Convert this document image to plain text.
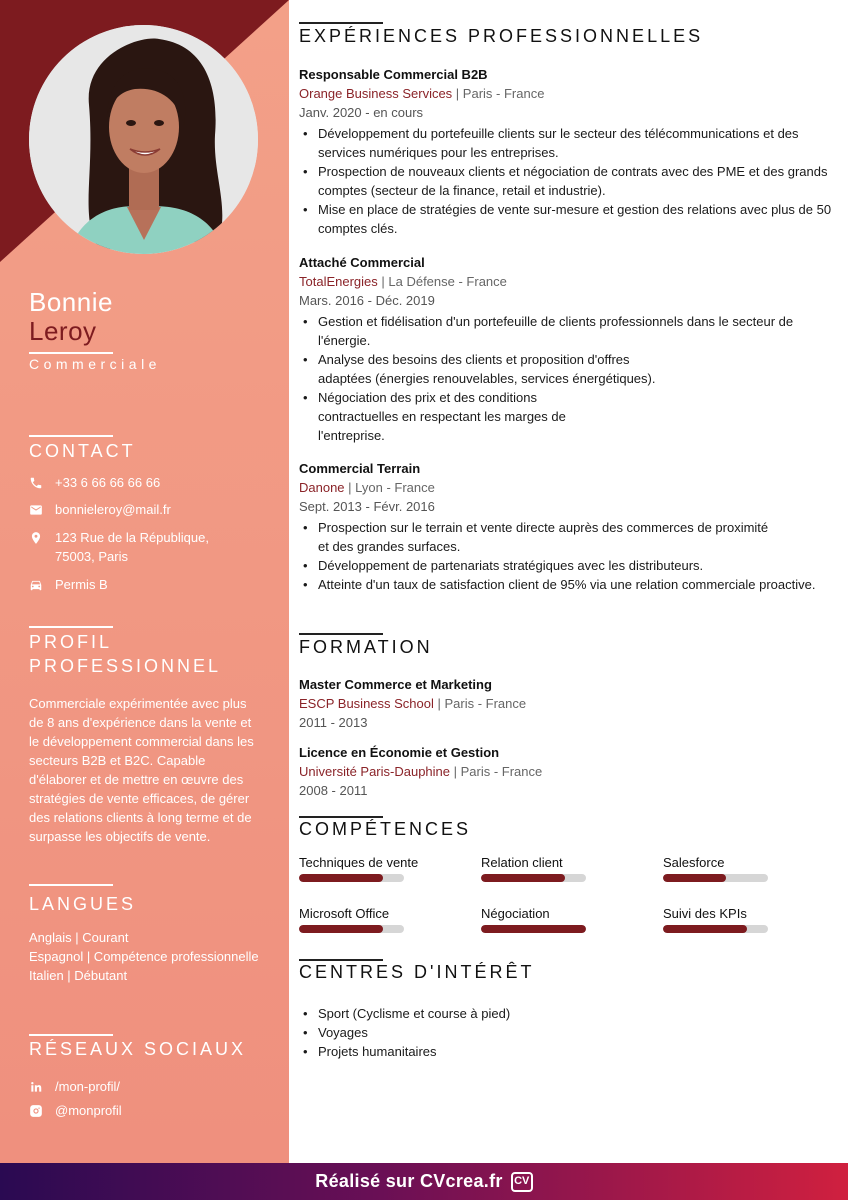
Bonnie
Leroy
Commerciale
CONTACT
+33 6 66 66 66 66
bonnieleroy@mail.fr
123 Rue de la République, 75003, Paris
Permis B
PROFIL
PROFESSIONNEL
Commerciale expérimentée avec plus de 8 ans d'expérience dans la vente et le développement commercial dans les secteurs B2B et B2C. Capable d'élaborer et de mettre en œuvre des stratégies de vente efficaces, de gérer des relations clients à long terme et de surpasse les objectifs de vente.
LANGUES
Anglais | Courant
Espagnol | Compétence professionnelle
Italien | Débutant
RÉSEAUX SOCIAUX
/mon-profil/
@monprofil
EXPÉRIENCES PROFESSIONNELLES
Responsable Commercial B2B
Orange Business Services | Paris - France
Janv. 2020 - en cours
• Développement du portefeuille clients sur le secteur des télécommunications et des services numériques pour les entreprises.
• Prospection de nouveaux clients et négociation de contrats avec des PME et des grands comptes (secteur de la finance, retail et industrie).
• Mise en place de stratégies de vente sur-mesure et gestion des relations avec plus de 50 comptes clés.
Attaché Commercial
TotalEnergies | La Défense - France
Mars. 2016 - Déc. 2019
• Gestion et fidélisation d'un portefeuille de clients professionnels dans le secteur de l'énergie.
• Analyse des besoins des clients et proposition d'offres adaptées (énergies renouvelables, services énergétiques).
• Négociation des prix et des conditions contractuelles en respectant les marges de l'entreprise.
Commercial Terrain
Danone | Lyon - France
Sept. 2013 - Févr. 2016
• Prospection sur le terrain et vente directe auprès des commerces de proximité et des grandes surfaces.
• Développement de partenariats stratégiques avec les distributeurs.
• Atteinte d'un taux de satisfaction client de 95% via une relation commerciale proactive.
FORMATION
Master Commerce et Marketing
ESCP Business School | Paris - France
2011 - 2013
Licence en Économie et Gestion
Université Paris-Dauphine | Paris - France
2008 - 2011
COMPÉTENCES
Techniques de vente	Relation client	Salesforce
Microsoft Office	Négociation	Suivi des KPIs
CENTRES D'INTÉRÊT
• Sport (Cyclisme et course à pied)
• Voyages
• Projets humanitaires
Réalisé sur CVcrea.fr	CV
